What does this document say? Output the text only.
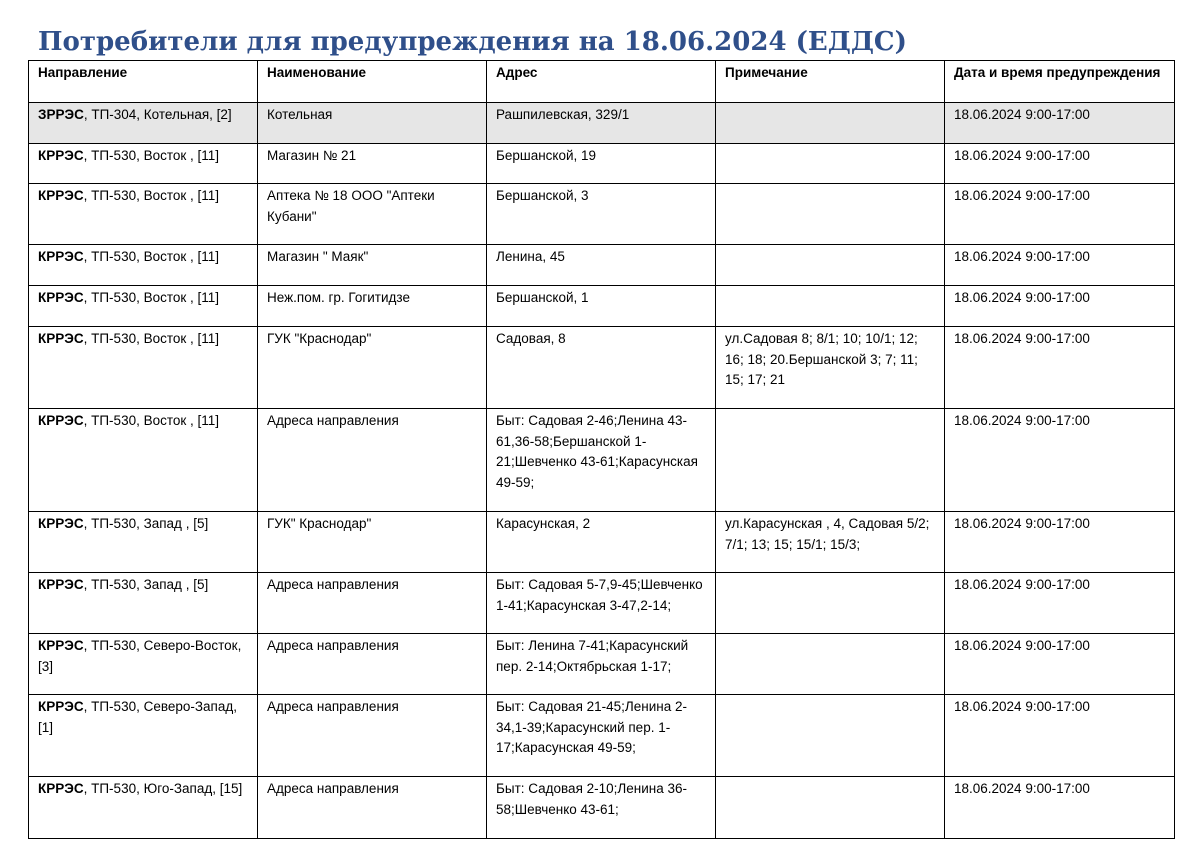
Потребители для предупреждения на 18.06.2024 (ЕДДС)
Направление	Наименование	Адрес	Примечание	Дата и время предупреждения
ЗРРЭС, ТП-304, Котельная, [2]	Котельная	Рашпилевская, 329/1		18.06.2024 9:00-17:00
КРРЭС, ТП-530, Восток , [11]	Магазин № 21	Бершанской, 19		18.06.2024 9:00-17:00
КРРЭС, ТП-530, Восток , [11]	Аптека № 18 ООО "Аптеки Кубани"	Бершанской, 3		18.06.2024 9:00-17:00
КРРЭС, ТП-530, Восток , [11]	Магазин " Маяк"	Ленина, 45		18.06.2024 9:00-17:00
КРРЭС, ТП-530, Восток , [11]	Неж.пом. гр. Гогитидзе	Бершанской, 1		18.06.2024 9:00-17:00
КРРЭС, ТП-530, Восток , [11]	ГУК "Краснодар"	Садовая, 8	ул.Садовая 8; 8/1; 10; 10/1; 12; 16; 18; 20.Бершанской 3; 7; 11; 15; 17; 21	18.06.2024 9:00-17:00
КРРЭС, ТП-530, Восток , [11]	Адреса направления	Быт: Садовая 2-46;Ленина 43-61,36-58;Бершанской 1-21;Шевченко 43-61;Карасунская 49-59;		18.06.2024 9:00-17:00
КРРЭС, ТП-530, Запад , [5]	ГУК" Краснодар"	Карасунская, 2	ул.Карасунская , 4, Садовая 5/2; 7/1; 13; 15; 15/1; 15/3;	18.06.2024 9:00-17:00
КРРЭС, ТП-530, Запад , [5]	Адреса направления	Быт: Садовая 5-7,9-45;Шевченко 1-41;Карасунская 3-47,2-14;		18.06.2024 9:00-17:00
КРРЭС, ТП-530, Северо-Восток, [3]	Адреса направления	Быт: Ленина 7-41;Карасунский пер. 2-14;Октябрьская 1-17;		18.06.2024 9:00-17:00
КРРЭС, ТП-530, Северо-Запад, [1]	Адреса направления	Быт: Садовая 21-45;Ленина 2-34,1-39;Карасунский пер. 1-17;Карасунская 49-59;		18.06.2024 9:00-17:00
КРРЭС, ТП-530, Юго-Запад, [15]	Адреса направления	Быт: Садовая 2-10;Ленина 36-58;Шевченко 43-61;		18.06.2024 9:00-17:00
